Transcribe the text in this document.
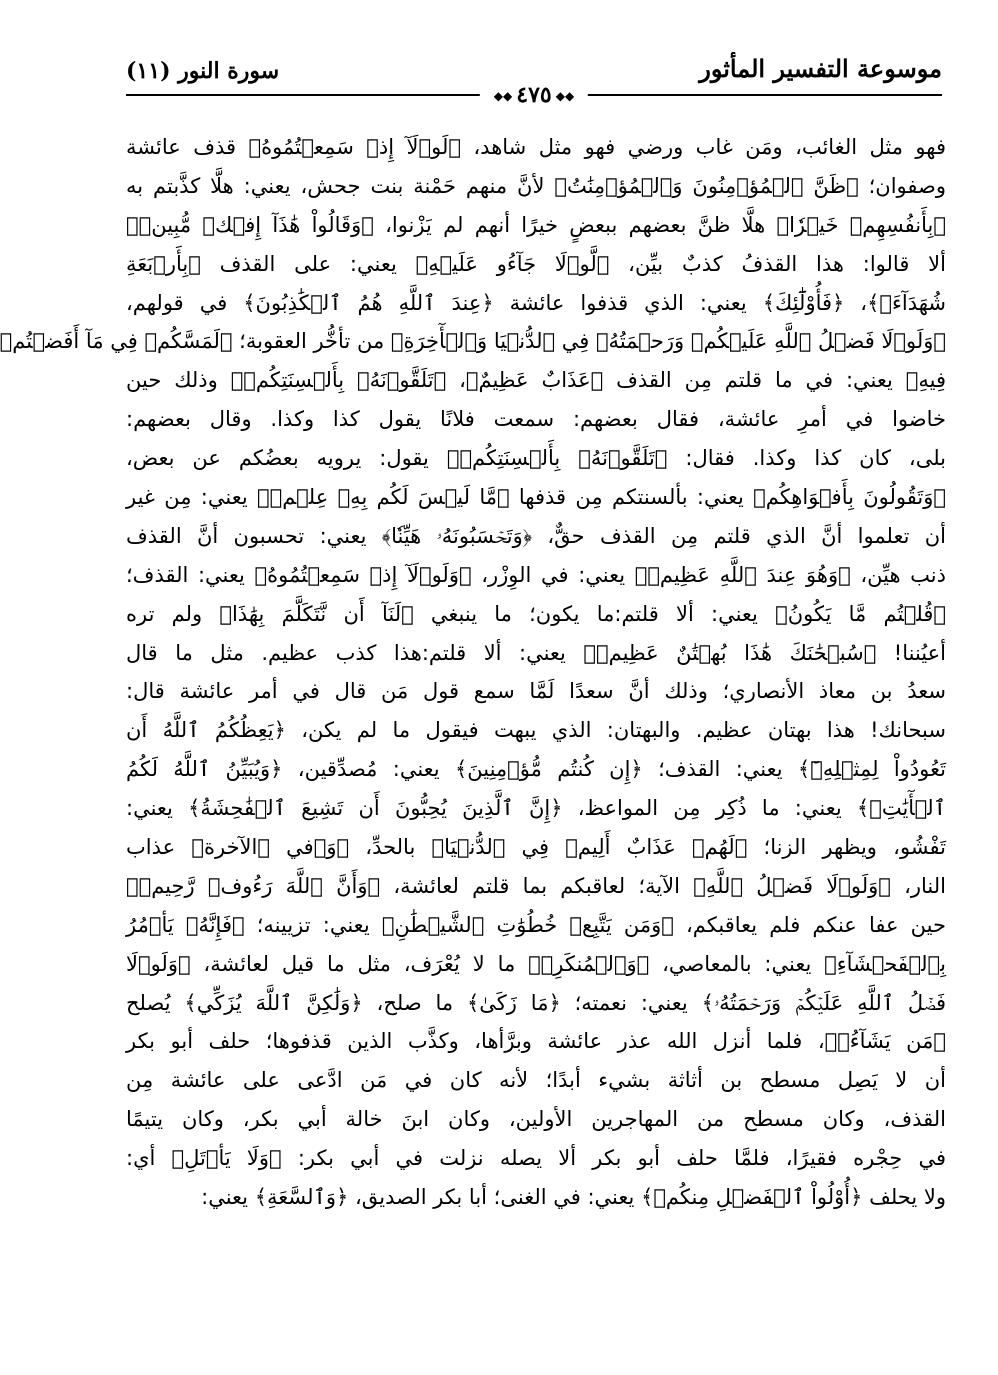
موسوعة التفسير المأثور
سورة النور (١١)
◆◆٤٧٥◆◆
فهو مثل الغائب، ومَن غاب ورضي فهو مثل شاهد، ﴿لَوۡلَآ إِذۡ سَمِعۡتُمُوهُ﴾ قذف عائشة
وصفوان؛ ﴿ظَنَّ ٱلۡمُؤۡمِنُونَ وَٱلۡمُؤۡمِنَٰتُ﴾ لأنَّ منهم حَمْنة بنت جحش، يعني: هلَّا كذَّبتم به
﴿بِأَنفُسِهِمۡ خَيۡرٗا﴾ هلَّا ظنَّ بعضهم ببعضٍ خيرًا أنهم لم يَزْنوا، ﴿وَقَالُواْ هَٰذَآ إِفۡكٞ مُّبِينٞ﴾
ألا قالوا: هذا القذفُ كذبٌ بيِّن، ﴿لَّوۡلَا جَآءُو عَلَيۡهِ﴾ يعني: على القذف ﴿بِأَرۡبَعَةِ
شُهَدَآءَۚ﴾، ﴿فَأُوْلَٰٓئِكَ﴾ يعني: الذي قذفوا عائشة ﴿عِندَ ٱللَّهِ هُمُ ٱلۡكَٰذِبُونَ﴾ في قولهم،
﴿وَلَوۡلَا فَضۡلُ ٱللَّهِ عَلَيۡكُمۡ وَرَحۡمَتُهُۥ فِي ٱلدُّنۡيَا وَٱلۡأٓخِرَةِ﴾ من تأخُّر العقوبة؛ ﴿لَمَسَّكُمۡ فِي مَآ أَفَضۡتُمۡ
فِيهِ﴾ يعني: في ما قلتم مِن القذف ﴿عَذَابٌ عَظِيمٌ﴾، ﴿تَلَقَّوۡنَهُۥ بِأَلۡسِنَتِكُمۡ﴾ وذلك حين
خاضوا في أمرِ عائشة، فقال بعضهم: سمعت فلانًا يقول كذا وكذا. وقال بعضهم:
بلى، كان كذا وكذا. فقال: ﴿تَلَقَّوۡنَهُۥ بِأَلۡسِنَتِكُمۡ﴾ يقول: يرويه بعضُكم عن بعض،
﴿وَتَقُولُونَ بِأَفۡوَاهِكُم﴾ يعني: بألسنتكم مِن قذفها ﴿مَّا لَيۡسَ لَكُم بِهِۦ عِلۡمٞ﴾ يعني: مِن غير
أن تعلموا أنَّ الذي قلتم مِن القذف حقٌّ، ﴿وَتَحۡسَبُونَهُۥ هَيِّنٗا﴾ يعني: تحسبون أنَّ القذف
ذنب هيِّن، ﴿وَهُوَ عِندَ ٱللَّهِ عَظِيمٞ﴾ يعني: في الوِزْر، ﴿وَلَوۡلَآ إِذۡ سَمِعۡتُمُوهُ﴾ يعني: القذف؛
﴿قُلۡتُم مَّا يَكُونُ﴾ يعني: ألا قلتم:ما يكون؛ ما ينبغي ﴿لَنَآ أَن نَّتَكَلَّمَ بِهَٰذَا﴾ ولم تره
أعيُننا! ﴿سُبۡحَٰنَكَ هَٰذَا بُهۡتَٰنٌ عَظِيمٞ﴾ يعني: ألا قلتم:هذا كذب عظيم. مثل ما قال
سعدُ بن معاذ الأنصاري؛ وذلك أنَّ سعدًا لَمَّا سمع قول مَن قال في أمر عائشة قال:
سبحانك! هذا بهتان عظيم. والبهتان: الذي يبهت فيقول ما لم يكن، ﴿يَعِظُكُمُ ٱللَّهُ أَن
تَعُودُواْ لِمِثۡلِهِۦٓ﴾ يعني: القذف؛ ﴿إِن كُنتُم مُّؤۡمِنِينَ﴾ يعني: مُصدِّقين، ﴿وَيُبَيِّنُ ٱللَّهُ لَكُمُ
ٱلۡأٓيَٰتِۚ﴾ يعني: ما ذُكِر مِن المواعظ، ﴿إِنَّ ٱلَّذِينَ يُحِبُّونَ أَن تَشِيعَ ٱلۡفَٰحِشَةُ﴾ يعني:
تَفْشُو، ويظهر الزنا؛ ﴿لَهُمۡ عَذَابٌ أَلِيمٞ فِي ٱلدُّنۡيَا﴾ بالحدِّ، ﴿وَ﴾في ﴿الآخرة﴾ عذاب
النار، ﴿وَلَوۡلَا فَضۡلُ ٱللَّهِ﴾ الآية؛ لعاقبكم بما قلتم لعائشة، ﴿وَأَنَّ ٱللَّهَ رَءُوفٞ رَّحِيمٞ﴾
حين عفا عنكم فلم يعاقبكم، ﴿وَمَن يَتَّبِعۡ خُطُوَٰتِ ٱلشَّيۡطَٰنِ﴾ يعني: تزيينه؛ ﴿فَإِنَّهُۥ يَأۡمُرُ
بِٱلۡفَحۡشَآءِ﴾ يعني: بالمعاصي، ﴿وَٱلۡمُنكَرِۚ﴾ ما لا يُعْرَف، مثل ما قيل لعائشة، ﴿وَلَوۡلَا
فَضۡلُ ٱللَّهِ عَلَيۡكُمۡ وَرَحۡمَتُهُۥ﴾ يعني: نعمته؛ ﴿مَا زَكَىٰ﴾ ما صلح، ﴿وَلَٰكِنَّ ٱللَّهَ يُزَكِّي﴾ يُصلح
﴿مَن يَشَآءُۗ﴾، فلما أنزل الله عذر عائشة وبرَّأها، وكذَّب الذين قذفوها؛ حلف أبو بكر
أن لا يَصِل مسطح بن أثاثة بشيء أبدًا؛ لأنه كان في مَن ادَّعى على عائشة مِن
القذف، وكان مسطح من المهاجرين الأولين، وكان ابنَ خالة أبي بكر، وكان يتيمًا
في حِجْره فقيرًا، فلمَّا حلف أبو بكر ألا يصله نزلت في أبي بكر: ﴿وَلَا يَأۡتَلِ﴾ أي:
ولا يحلف ﴿أُوْلُواْ ٱلۡفَضۡلِ مِنكُمۡ﴾ يعني: في الغنى؛ أبا بكر الصديق، ﴿وَٱلسَّعَةِ﴾ يعني:
